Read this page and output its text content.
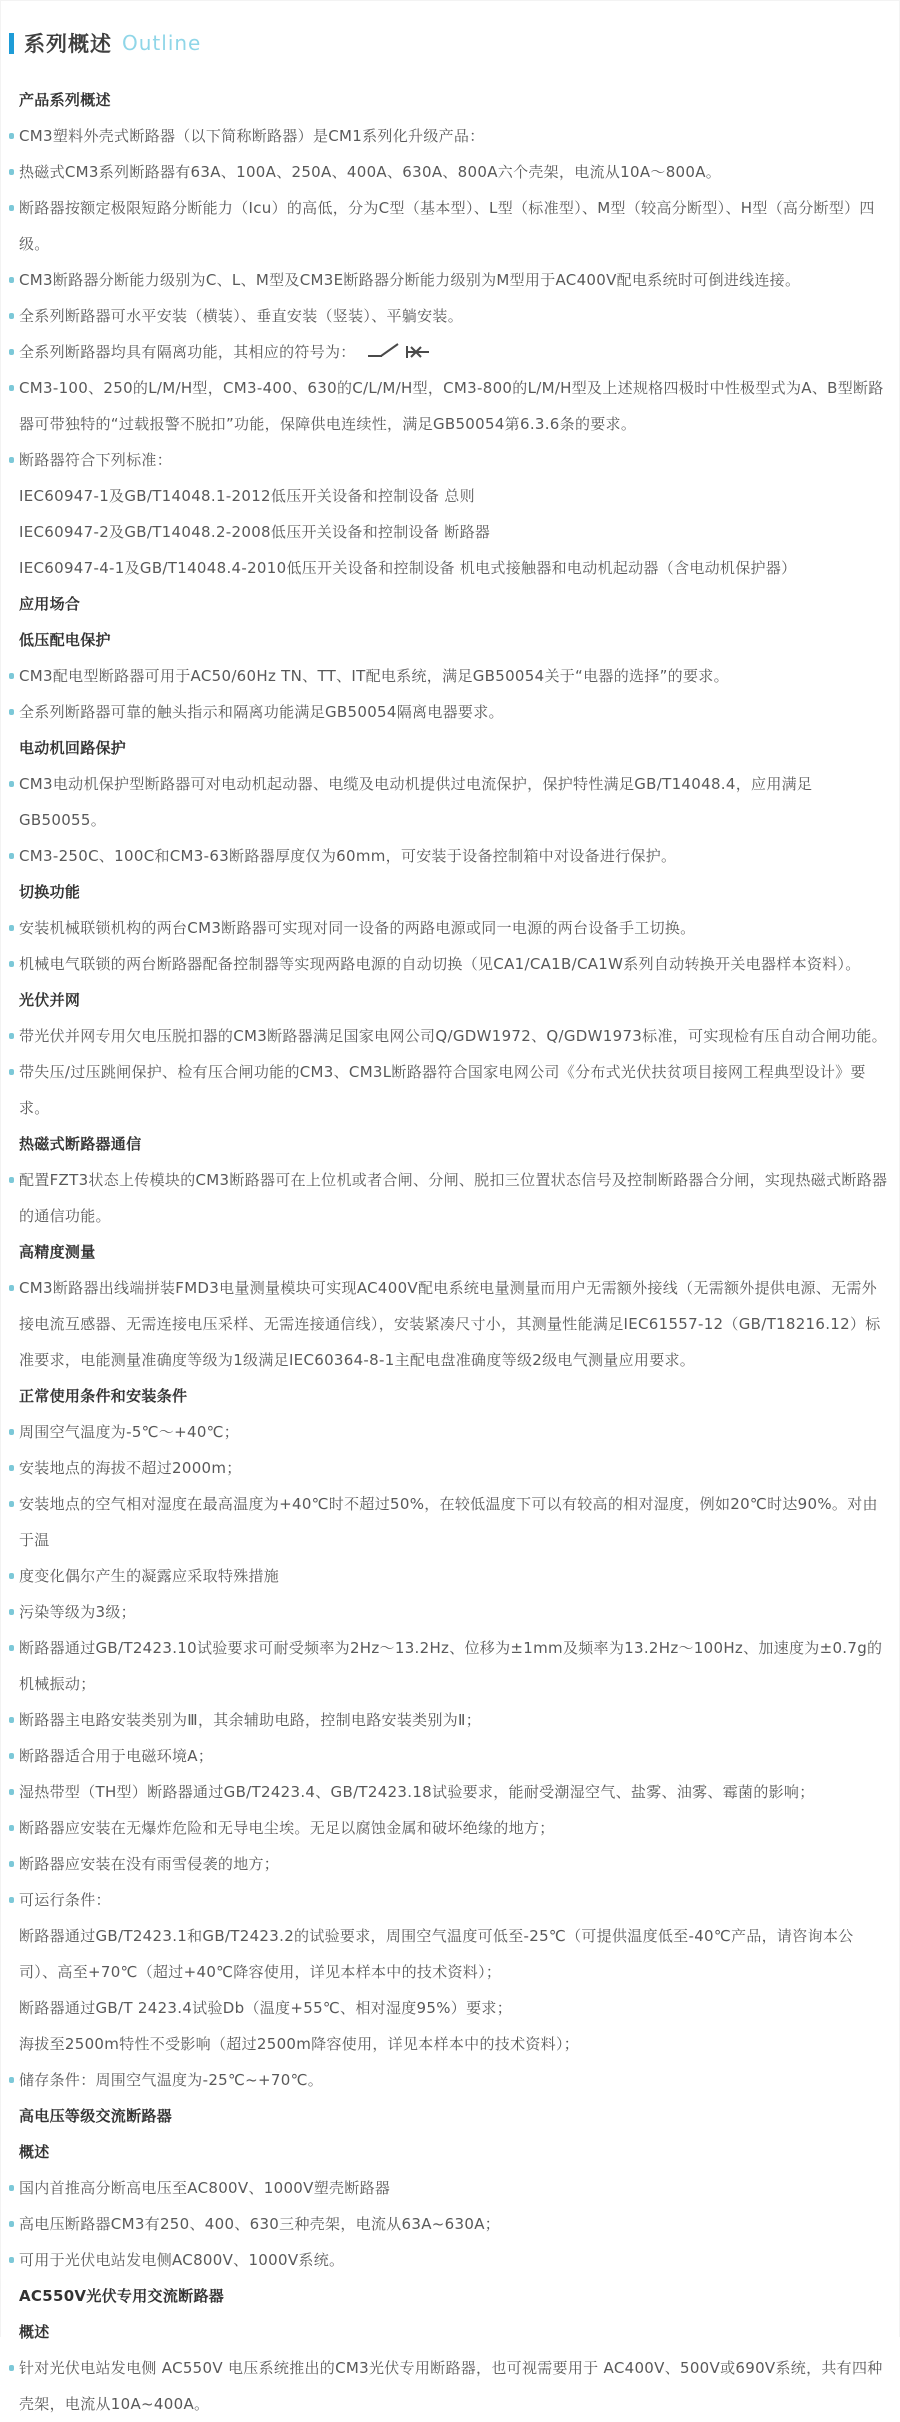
系列概述 Outline
产品系列概述
CM3塑料外壳式断路器（以下简称断路器）是CM1系列化升级产品：
热磁式CM3系列断路器有63A、100A、250A、400A、630A、800A六个壳架，电流从10A～800A。
断路器按额定极限短路分断能力（Icu）的高低，分为C型（基本型）、L型（标准型）、M型（较高分断型）、H型（高分断型）四级。
CM3断路器分断能力级别为C、L、M型及CM3E断路器分断能力级别为M型用于AC400V配电系统时可倒进线连接。
全系列断路器可水平安装（横装）、垂直安装（竖装）、平躺安装。
全系列断路器均具有隔离功能，其相应的符号为：
CM3-100、250的L/M/H型，CM3-400、630的C/L/M/H型，CM3-800的L/M/H型及上述规格四极时中性极型式为A、B型断路器可带独特的“过载报警不脱扣”功能，保障供电连续性，满足GB50054第6.3.6条的要求。
断路器符合下列标准：
IEC60947-1及GB/T14048.1-2012低压开关设备和控制设备 总则
IEC60947-2及GB/T14048.2-2008低压开关设备和控制设备 断路器
IEC60947-4-1及GB/T14048.4-2010低压开关设备和控制设备 机电式接触器和电动机起动器（含电动机保护器）
应用场合
低压配电保护
CM3配电型断路器可用于AC50/60Hz TN、TT、IT配电系统，满足GB50054关于“电器的选择”的要求。
全系列断路器可靠的触头指示和隔离功能满足GB50054隔离电器要求。
电动机回路保护
CM3电动机保护型断路器可对电动机起动器、电缆及电动机提供过电流保护，保护特性满足GB/T14048.4，应用满足GB50055。
CM3-250C、100C和CM3-63断路器厚度仅为60mm，可安装于设备控制箱中对设备进行保护。
切换功能
安装机械联锁机构的两台CM3断路器可实现对同一设备的两路电源或同一电源的两台设备手工切换。
机械电气联锁的两台断路器配备控制器等实现两路电源的自动切换（见CA1/CA1B/CA1W系列自动转换开关电器样本资料）。
光伏并网
带光伏并网专用欠电压脱扣器的CM3断路器满足国家电网公司Q/GDW1972、Q/GDW1973标准，可实现检有压自动合闸功能。
带失压/过压跳闸保护、检有压合闸功能的CM3、CM3L断路器符合国家电网公司《分布式光伏扶贫项目接网工程典型设计》要求。
热磁式断路器通信
配置FZT3状态上传模块的CM3断路器可在上位机或者合闸、分闸、脱扣三位置状态信号及控制断路器合分闸，实现热磁式断路器的通信功能。
高精度测量
CM3断路器出线端拼装FMD3电量测量模块可实现AC400V配电系统电量测量而用户无需额外接线（无需额外提供电源、无需外接电流互感器、无需连接电压采样、无需连接通信线），安装紧凑尺寸小，其测量性能满足IEC61557-12（GB/T18216.12）标准要求，电能测量准确度等级为1级满足IEC60364-8-1主配电盘准确度等级2级电气测量应用要求。
正常使用条件和安装条件
周围空气温度为-5℃～+40℃；
安装地点的海拔不超过2000m；
安装地点的空气相对湿度在最高温度为+40℃时不超过50%，在较低温度下可以有较高的相对湿度，例如20℃时达90%。对由于温
度变化偶尔产生的凝露应采取特殊措施
污染等级为3级；
断路器通过GB/T2423.10试验要求可耐受频率为2Hz～13.2Hz、位移为±1mm及频率为13.2Hz～100Hz、加速度为±0.7g的机械振动；
断路器主电路安装类别为Ⅲ，其余辅助电路，控制电路安装类别为Ⅱ；
断路器适合用于电磁环境A；
湿热带型（TH型）断路器通过GB/T2423.4、GB/T2423.18试验要求，能耐受潮湿空气、盐雾、油雾、霉菌的影响；
断路器应安装在无爆炸危险和无导电尘埃。无足以腐蚀金属和破坏绝缘的地方；
断路器应安装在没有雨雪侵袭的地方；
可运行条件：
断路器通过GB/T2423.1和GB/T2423.2的试验要求，周围空气温度可低至-25℃（可提供温度低至-40℃产品，请咨询本公司）、高至+70℃（超过+40℃降容使用，详见本样本中的技术资料）；
断路器通过GB/T 2423.4试验Db（温度+55℃、相对湿度95%）要求；
海拔至2500m特性不受影响（超过2500m降容使用，详见本样本中的技术资料）；
储存条件：周围空气温度为-25℃~+70℃。
高电压等级交流断路器
概述
国内首推高分断高电压至AC800V、1000V塑壳断路器
高电压断路器CM3有250、400、630三种壳架，电流从63A~630A；
可用于光伏电站发电侧AC800V、1000V系统。
AC550V光伏专用交流断路器
概述
针对光伏电站发电侧 AC550V 电压系统推出的CM3光伏专用断路器，也可视需要用于 AC400V、500V或690V系统，共有四种壳架，电流从10A~400A。
